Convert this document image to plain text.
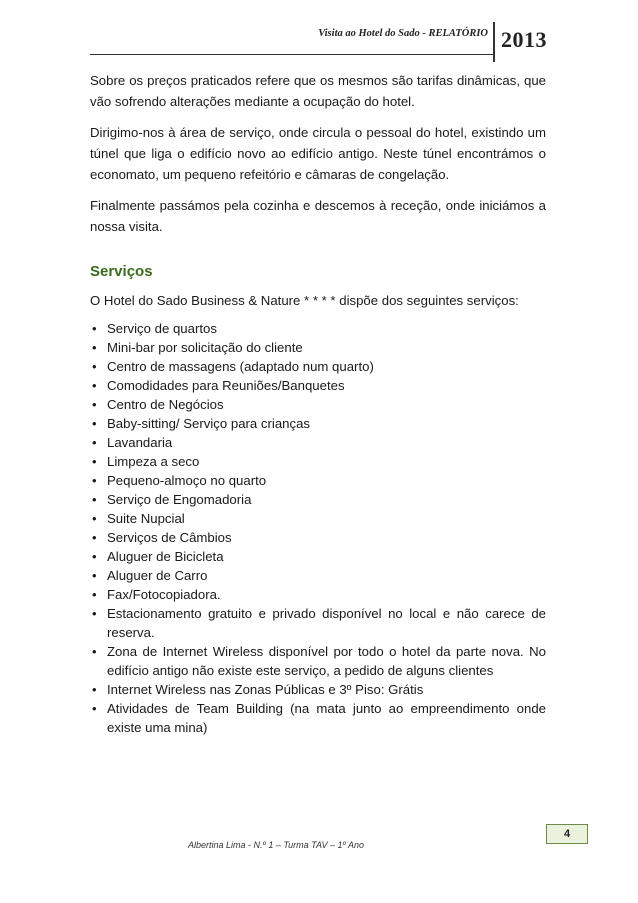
Visita ao Hotel do Sado - RELATÓRIO 2013

Sobre os preços praticados refere que os mesmos são tarifas dinâmicas, que vão sofrendo alterações mediante a ocupação do hotel.

Dirigimo-nos à área de serviço, onde circula o pessoal do hotel, existindo um túnel que liga o edifício novo ao edifício antigo. Neste túnel encontrámos o economato, um pequeno refeitório e câmaras de congelação.

Finalmente passámos pela cozinha e descemos à receção, onde iniciámos a nossa visita.

Serviços
O Hotel do Sado Business & Nature * * * * dispõe dos seguintes serviços:
• Serviço de quartos
• Mini-bar por solicitação do cliente
• Centro de massagens (adaptado num quarto)
• Comodidades para Reuniões/Banquetes
• Centro de Negócios
• Baby-sitting/ Serviço para crianças
• Lavandaria
• Limpeza a seco
• Pequeno-almoço no quarto
• Serviço de Engomadoria
• Suite Nupcial
• Serviços de Câmbios
• Aluguer de Bicicleta
• Aluguer de Carro
• Fax/Fotocopiadora.
• Estacionamento gratuito e privado disponível no local e não carece de reserva.
• Zona de Internet Wireless disponível por todo o hotel da parte nova. No edifício antigo não existe este serviço, a pedido de alguns clientes
• Internet Wireless nas Zonas Públicas e 3º Piso: Grátis
• Atividades de Team Building (na mata junto ao empreendimento onde existe uma mina)
4
Albertina Lima - N.º 1 – Turma TAV – 1º Ano
